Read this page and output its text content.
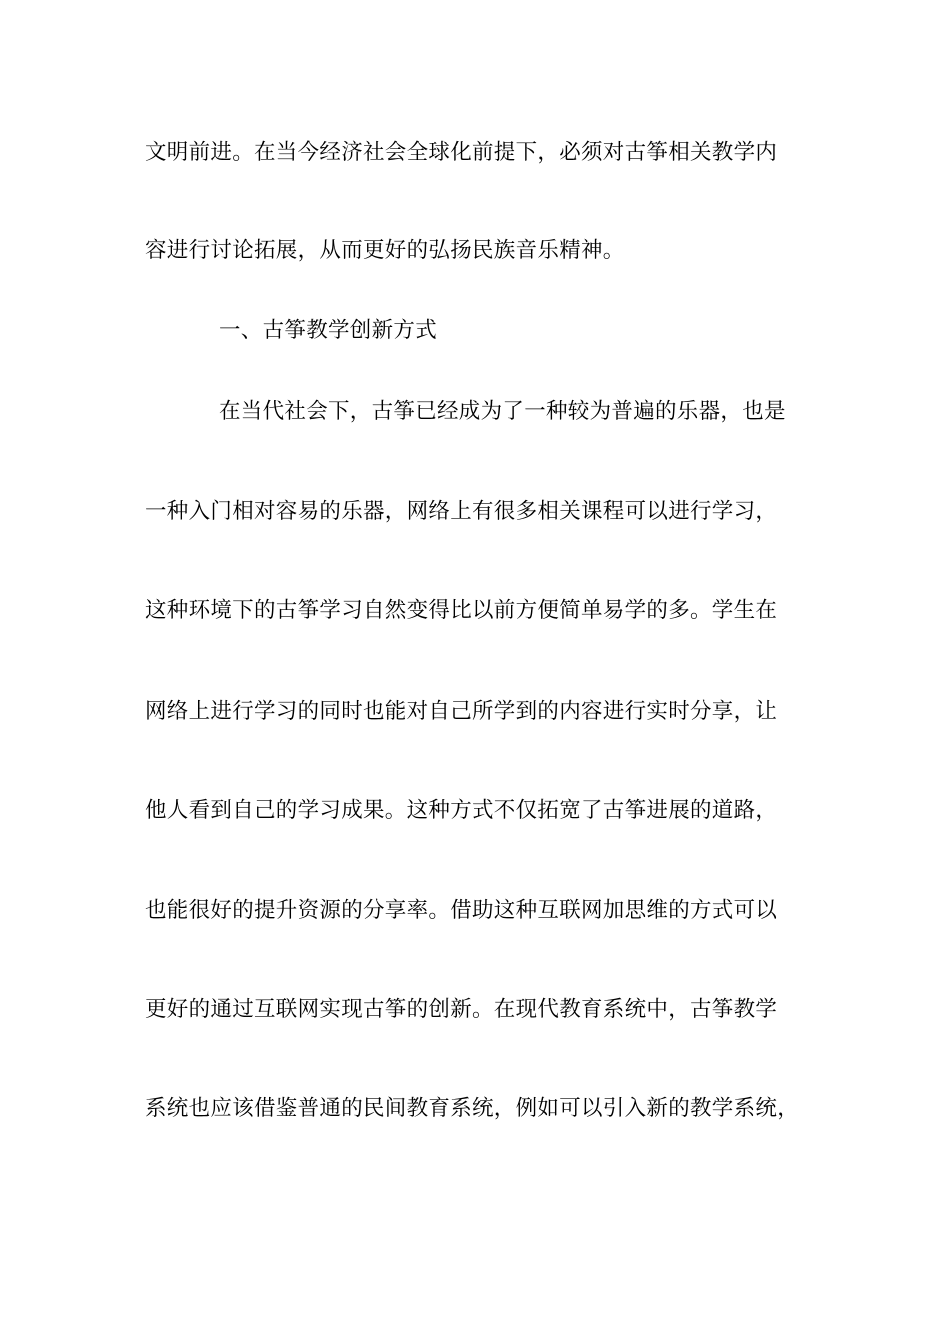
文明前进。在当今经济社会全球化前提下，必须对古筝相关教学内
容进行讨论拓展，从而更好的弘扬民族音乐精神。
一、古筝教学创新方式
在当代社会下，古筝已经成为了一种较为普遍的乐器，也是
一种入门相对容易的乐器，网络上有很多相关课程可以进行学习，
这种环境下的古筝学习自然变得比以前方便简单易学的多。学生在
网络上进行学习的同时也能对自己所学到的内容进行实时分享，让
他人看到自己的学习成果。这种方式不仅拓宽了古筝进展的道路，
也能很好的提升资源的分享率。借助这种互联网加思维的方式可以
更好的通过互联网实现古筝的创新。在现代教育系统中，古筝教学
系统也应该借鉴普通的民间教育系统，例如可以引入新的教学系统，
